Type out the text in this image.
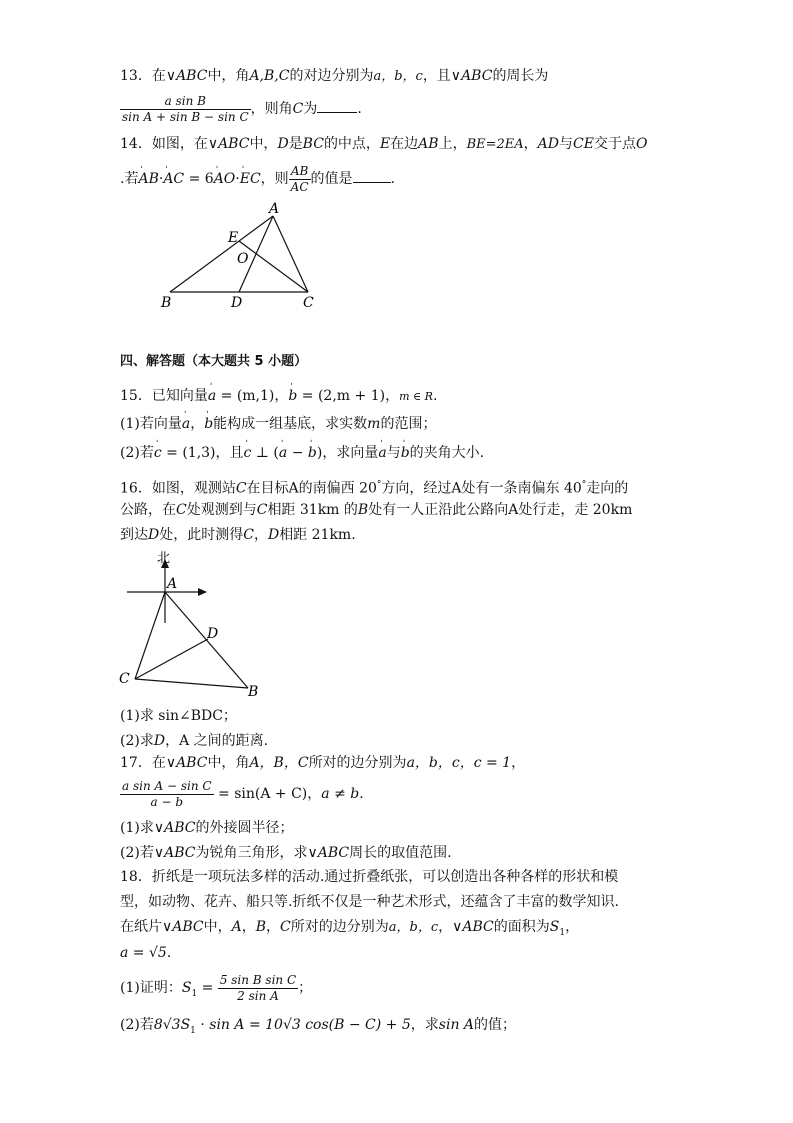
13．在∨ABC中，角A,B,C的对边分别为a，b，c，且∨ABC的周长为
$\frac{\text{a sin B}}{\text{sin A + sin B − sin C}}$ ，则角C为	.
14．如图，在∨ABC中，D是BC的中点，E在边AB上，BE=2EA，AD与CE交于点O
.若ˈ AB·ˈ AC = 6ˈ AO·ˈ EC，则 $\frac{AB}{AC}$ 的值是	.
A
E
O
B	D	C
四、解答题（本大题共 5 小题）
15．已知向量ˈ a = (m,1)，ˈ b = (2,m + 1)，m ∈ R.
(1)若向量ˈ a，ˈ b能构成一组基底，求实数m的范围；
(2)若ˈ c = (1,3)，且ˈ c ⊥ (ˈ a − ˈ b)，求向量ˈ a与ˈ b的夹角大小.
16．如图，观测站C在目标A的南偏西 20°方向，经过A处有一条南偏东 40°走向的
公路，在C处观测到与C相距 31km 的B处有一人正沿此公路向A处行走，走 20km
到达D处，此时测得C，D相距 21km.
北
A
D
C
B
(1)求 sin∠BDC；
(2)求D，A 之间的距离.
17．在∨ABC中，角A，B，C所对的边分别为a，b，c，c = 1，
$\frac{\text{a sin A − sin C}}{a - b} = \sin(A + C)$，a ≠ b.
(1)求∨ABC的外接圆半径；
(2)若∨ABC为锐角三角形，求∨ABC周长的取值范围.
18．折纸是一项玩法多样的活动.通过折叠纸张，可以创造出各种各样的形状和模
型，如动物、花卉、船只等.折纸不仅是一种艺术形式，还蕴含了丰富的数学知识.
在纸片∨ABC中，A，B，C所对的边分别为a，b，c，∨ABC的面积为$S_1$，
a = √5.
(1)证明：$S_1 = \frac{\text{5 sin B sin C}}{\text{2 sin A}}$ ；
(2)若$8√3S_1 \cdot \sin A = 10√3$ cos(B − C) + 5，求sin A的值；
